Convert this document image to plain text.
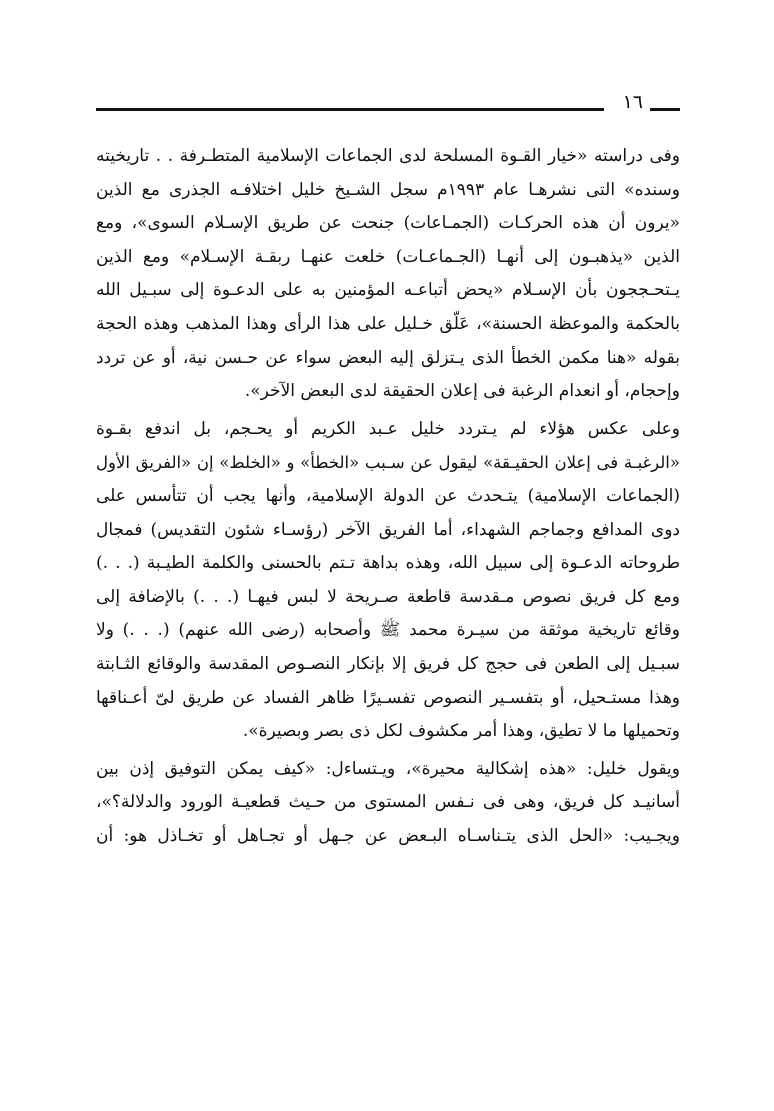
١٦
وفى دراسته «خيار القـوة المسلحة لدى الجماعات الإسلامية المتطـرفة . . تاريخيته
وسنده» التى نشرهـا عام ١٩٩٣م سجل الشـيخ خليل اختلافـه الجذرى مع الذين
«يرون أن هذه الحركـات (الجمـاعات) جنحت عن طريق الإسـلام السوى»، ومع
الذين «يذهبـون إلى أنهـا (الجـماعـات) خلعت عنهـا ربقـة الإسـلام» ومع الذين
يـتحـججون بأن الإسـلام «يحض أتباعـه المؤمنين به على الدعـوة إلى سبـيل الله
بالحكمة والموعظة الحسنة»، عَلّق خـليل على هذا الرأى وهذا المذهب وهذه الحجة
بقوله «هنا مكمن الخطأ الذى يـتزلق إليه البعض سواء عن حـسن نية، أو عن تردد
وإحجام، أو انعدام الرغبة فى إعلان الحقيقة لدى البعض الآخر».
وعلى عكس هؤلاء لم يـتردد خليل عـبد الكريم أو يحـجم، بل اندفع بقـوة
«الرغبـة فى إعلان الحقيـقة» ليقول عن سـبب «الخطأ» و «الخلط» إن «الفريق الأول
(الجماعات الإسلامية) يتـحدث عن الدولة الإسلامية، وأنها يجب أن تتأسس على
دوى المدافع وجماجم الشهداء، أما الفريق الآخر (رؤسـاء شئون التقديس) فمجال
طروحاته الدعـوة إلى سبيل الله، وهذه بداهة تـتم بالحسنى والكلمة الطيـبة (. . .)
ومع كل فريق نصوص مـقدسة قاطعة صـريحة لا لبس فيهـا (. . .) بالإضافة إلى
وقائع تاريخية موثقة من سيـرة محمد ﷺ وأصحابه (رضى الله عنهم) (. . .) ولا
سبـيل إلى الطعن فى حجج كل فريق إلا بإنكار النصـوص المقدسة والوقائع الثـابتة
وهذا مستـحيل، أو بتفسـير النصوص تفسـيرًا ظاهر الفساد عن طريق لىّ أعـناقها
وتحميلها ما لا تطيق، وهذا أمر مكشوف لكل ذى بصر وبصيرة».
ويقول خليل: «هذه إشكالية محيرة»، ويـتساءل: «كيف يمكن التوفيق إذن بين
أسانيـد كل فريق، وهى فى نـفس المستوى من حـيث قطعيـة الورود والدلالة؟»،
ويجـيب: «الحل الذى يتـناسـاه البـعض عن جـهل أو تجـاهل أو تخـاذل هو: أن
